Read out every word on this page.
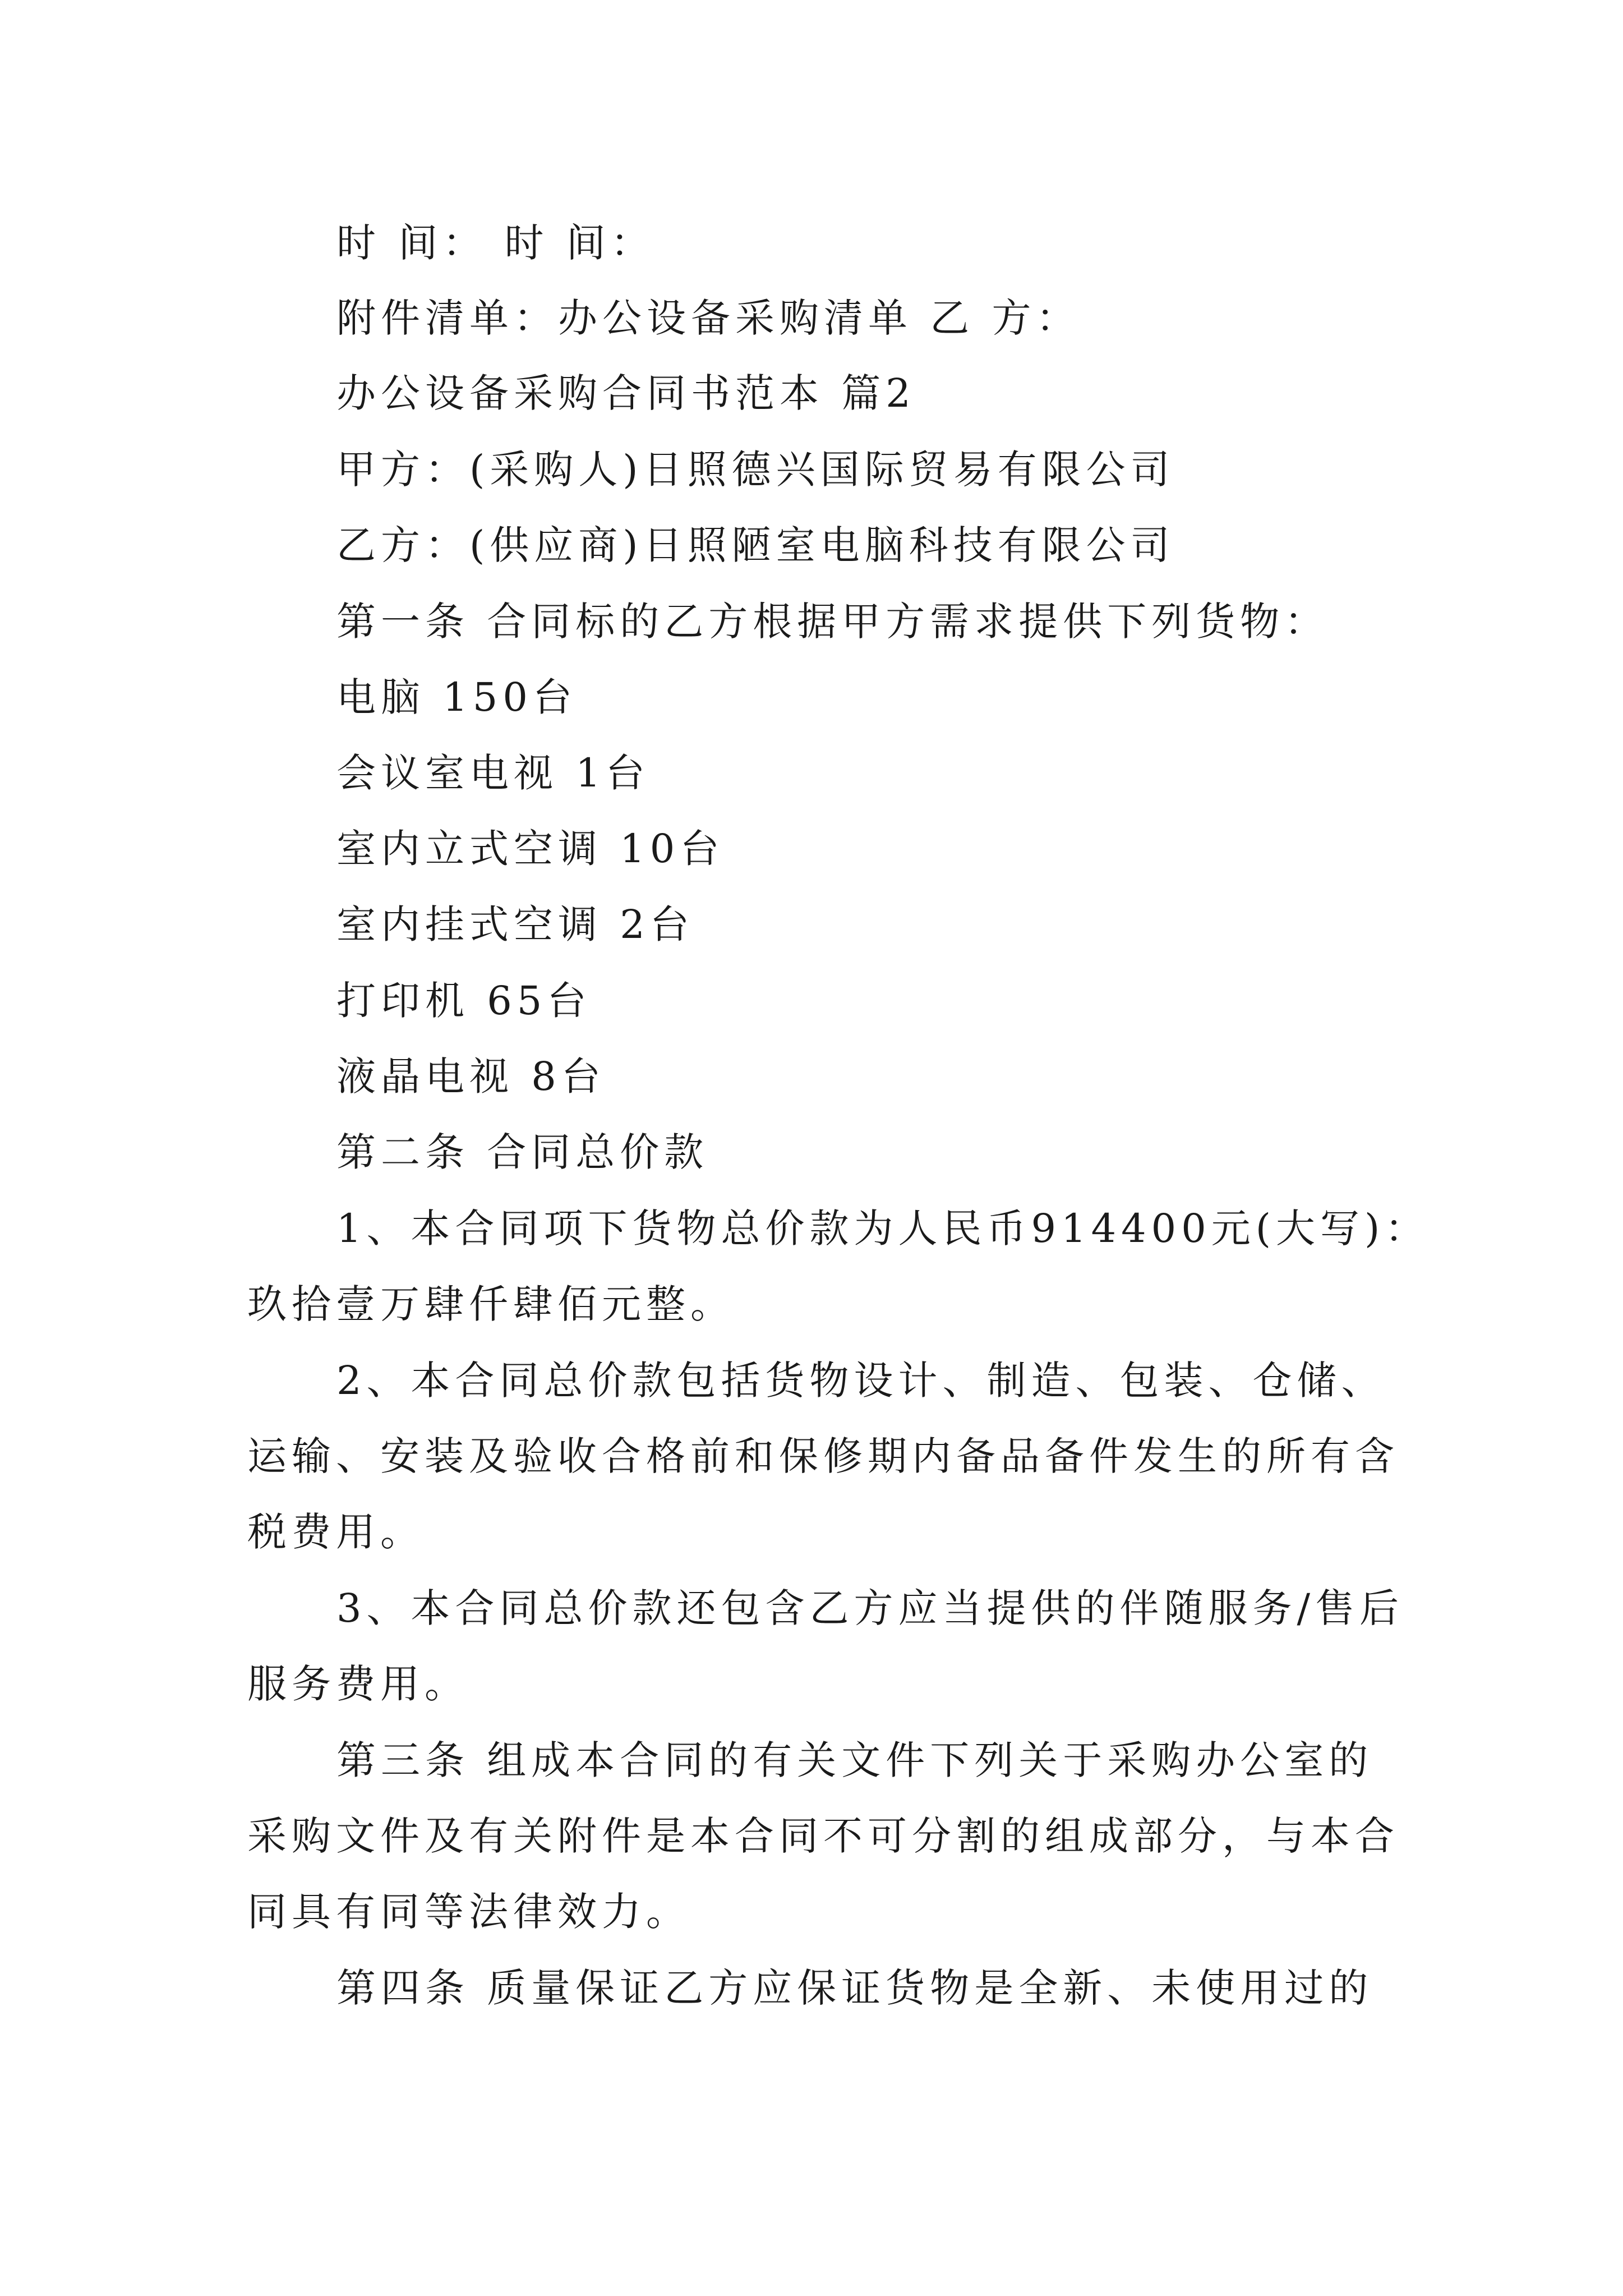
时 间： 时 间：
附件清单：办公设备采购清单 乙 方：
办公设备采购合同书范本 篇2
甲方：(采购人)日照德兴国际贸易有限公司
乙方：(供应商)日照陋室电脑科技有限公司
第一条 合同标的乙方根据甲方需求提供下列货物：
电脑 150台
会议室电视 1台
室内立式空调 10台
室内挂式空调 2台
打印机 65台
液晶电视 8台
第二条 合同总价款
1、本合同项下货物总价款为人民币914400元(大写)：
玖拾壹万肆仟肆佰元整。
2、本合同总价款包括货物设计、制造、包装、仓储、
运输、安装及验收合格前和保修期内备品备件发生的所有含
税费用。
3、本合同总价款还包含乙方应当提供的伴随服务/售后
服务费用。
第三条 组成本合同的有关文件下列关于采购办公室的
采购文件及有关附件是本合同不可分割的组成部分，与本合
同具有同等法律效力。
第四条 质量保证乙方应保证货物是全新、未使用过的
